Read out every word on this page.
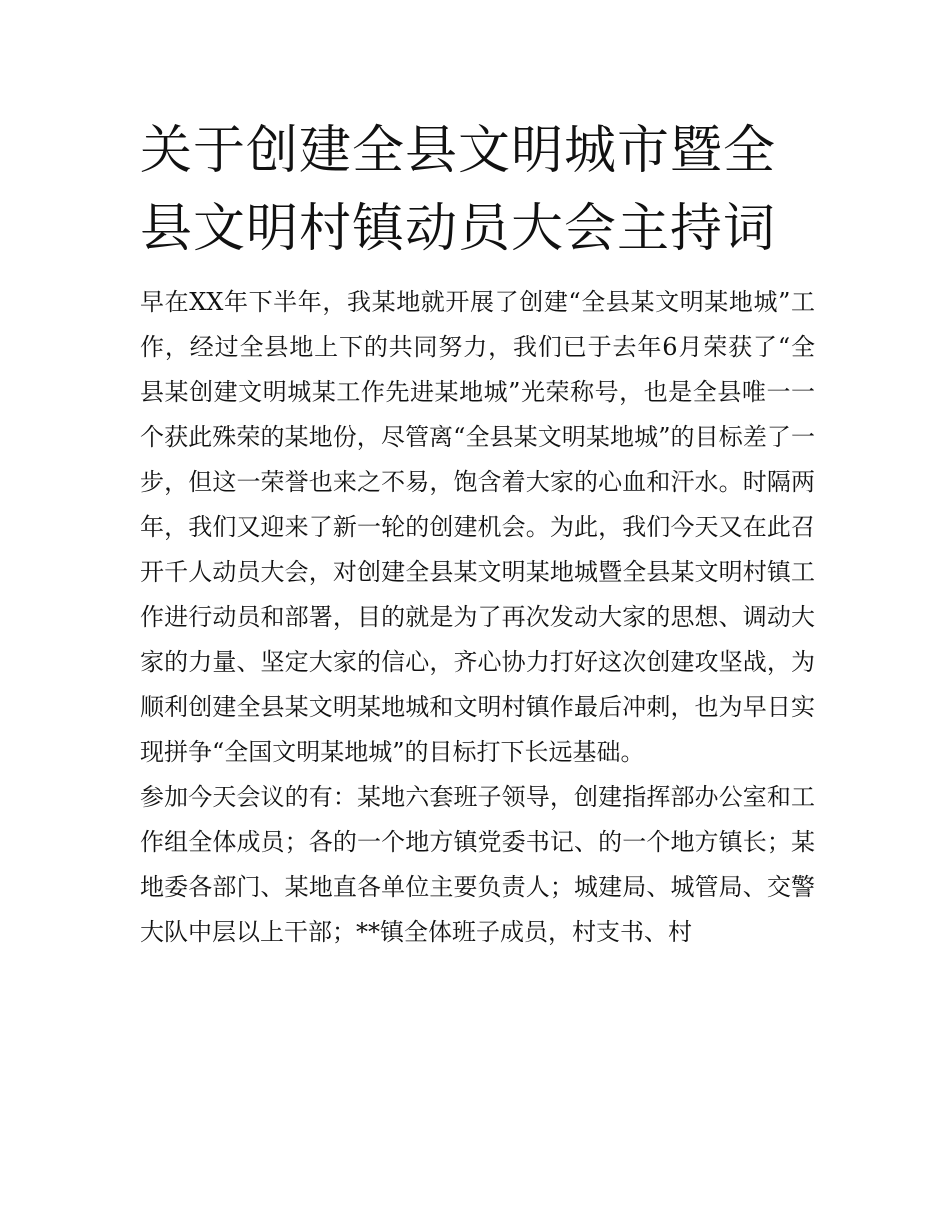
关于创建全县文明城市暨全县文明村镇动员大会主持词

早在XX年下半年，我某地就开展了创建“全县某文明某地城”工作，经过全县地上下的共同努力，我们已于去年6月荣获了“全县某创建文明城某工作先进某地城”光荣称号，也是全县唯一一个获此殊荣的某地份，尽管离“全县某文明某地城”的目标差了一步，但这一荣誉也来之不易，饱含着大家的心血和汗水。时隔两年，我们又迎来了新一轮的创建机会。为此，我们今天又在此召开千人动员大会，对创建全县某文明某地城暨全县某文明村镇工作进行动员和部署，目的就是为了再次发动大家的思想、调动大家的力量、坚定大家的信心，齐心协力打好这次创建攻坚战，为顺利创建全县某文明某地城和文明村镇作最后冲刺，也为早日实现拼争“全国文明某地城”的目标打下长远基础。

参加今天会议的有：某地六套班子领导，创建指挥部办公室和工作组全体成员；各的一个地方镇党委书记、的一个地方镇长；某地委各部门、某地直各单位主要负责人；城建局、城管局、交警大队中层以上干部；**镇全体班子成员，村支书、村
